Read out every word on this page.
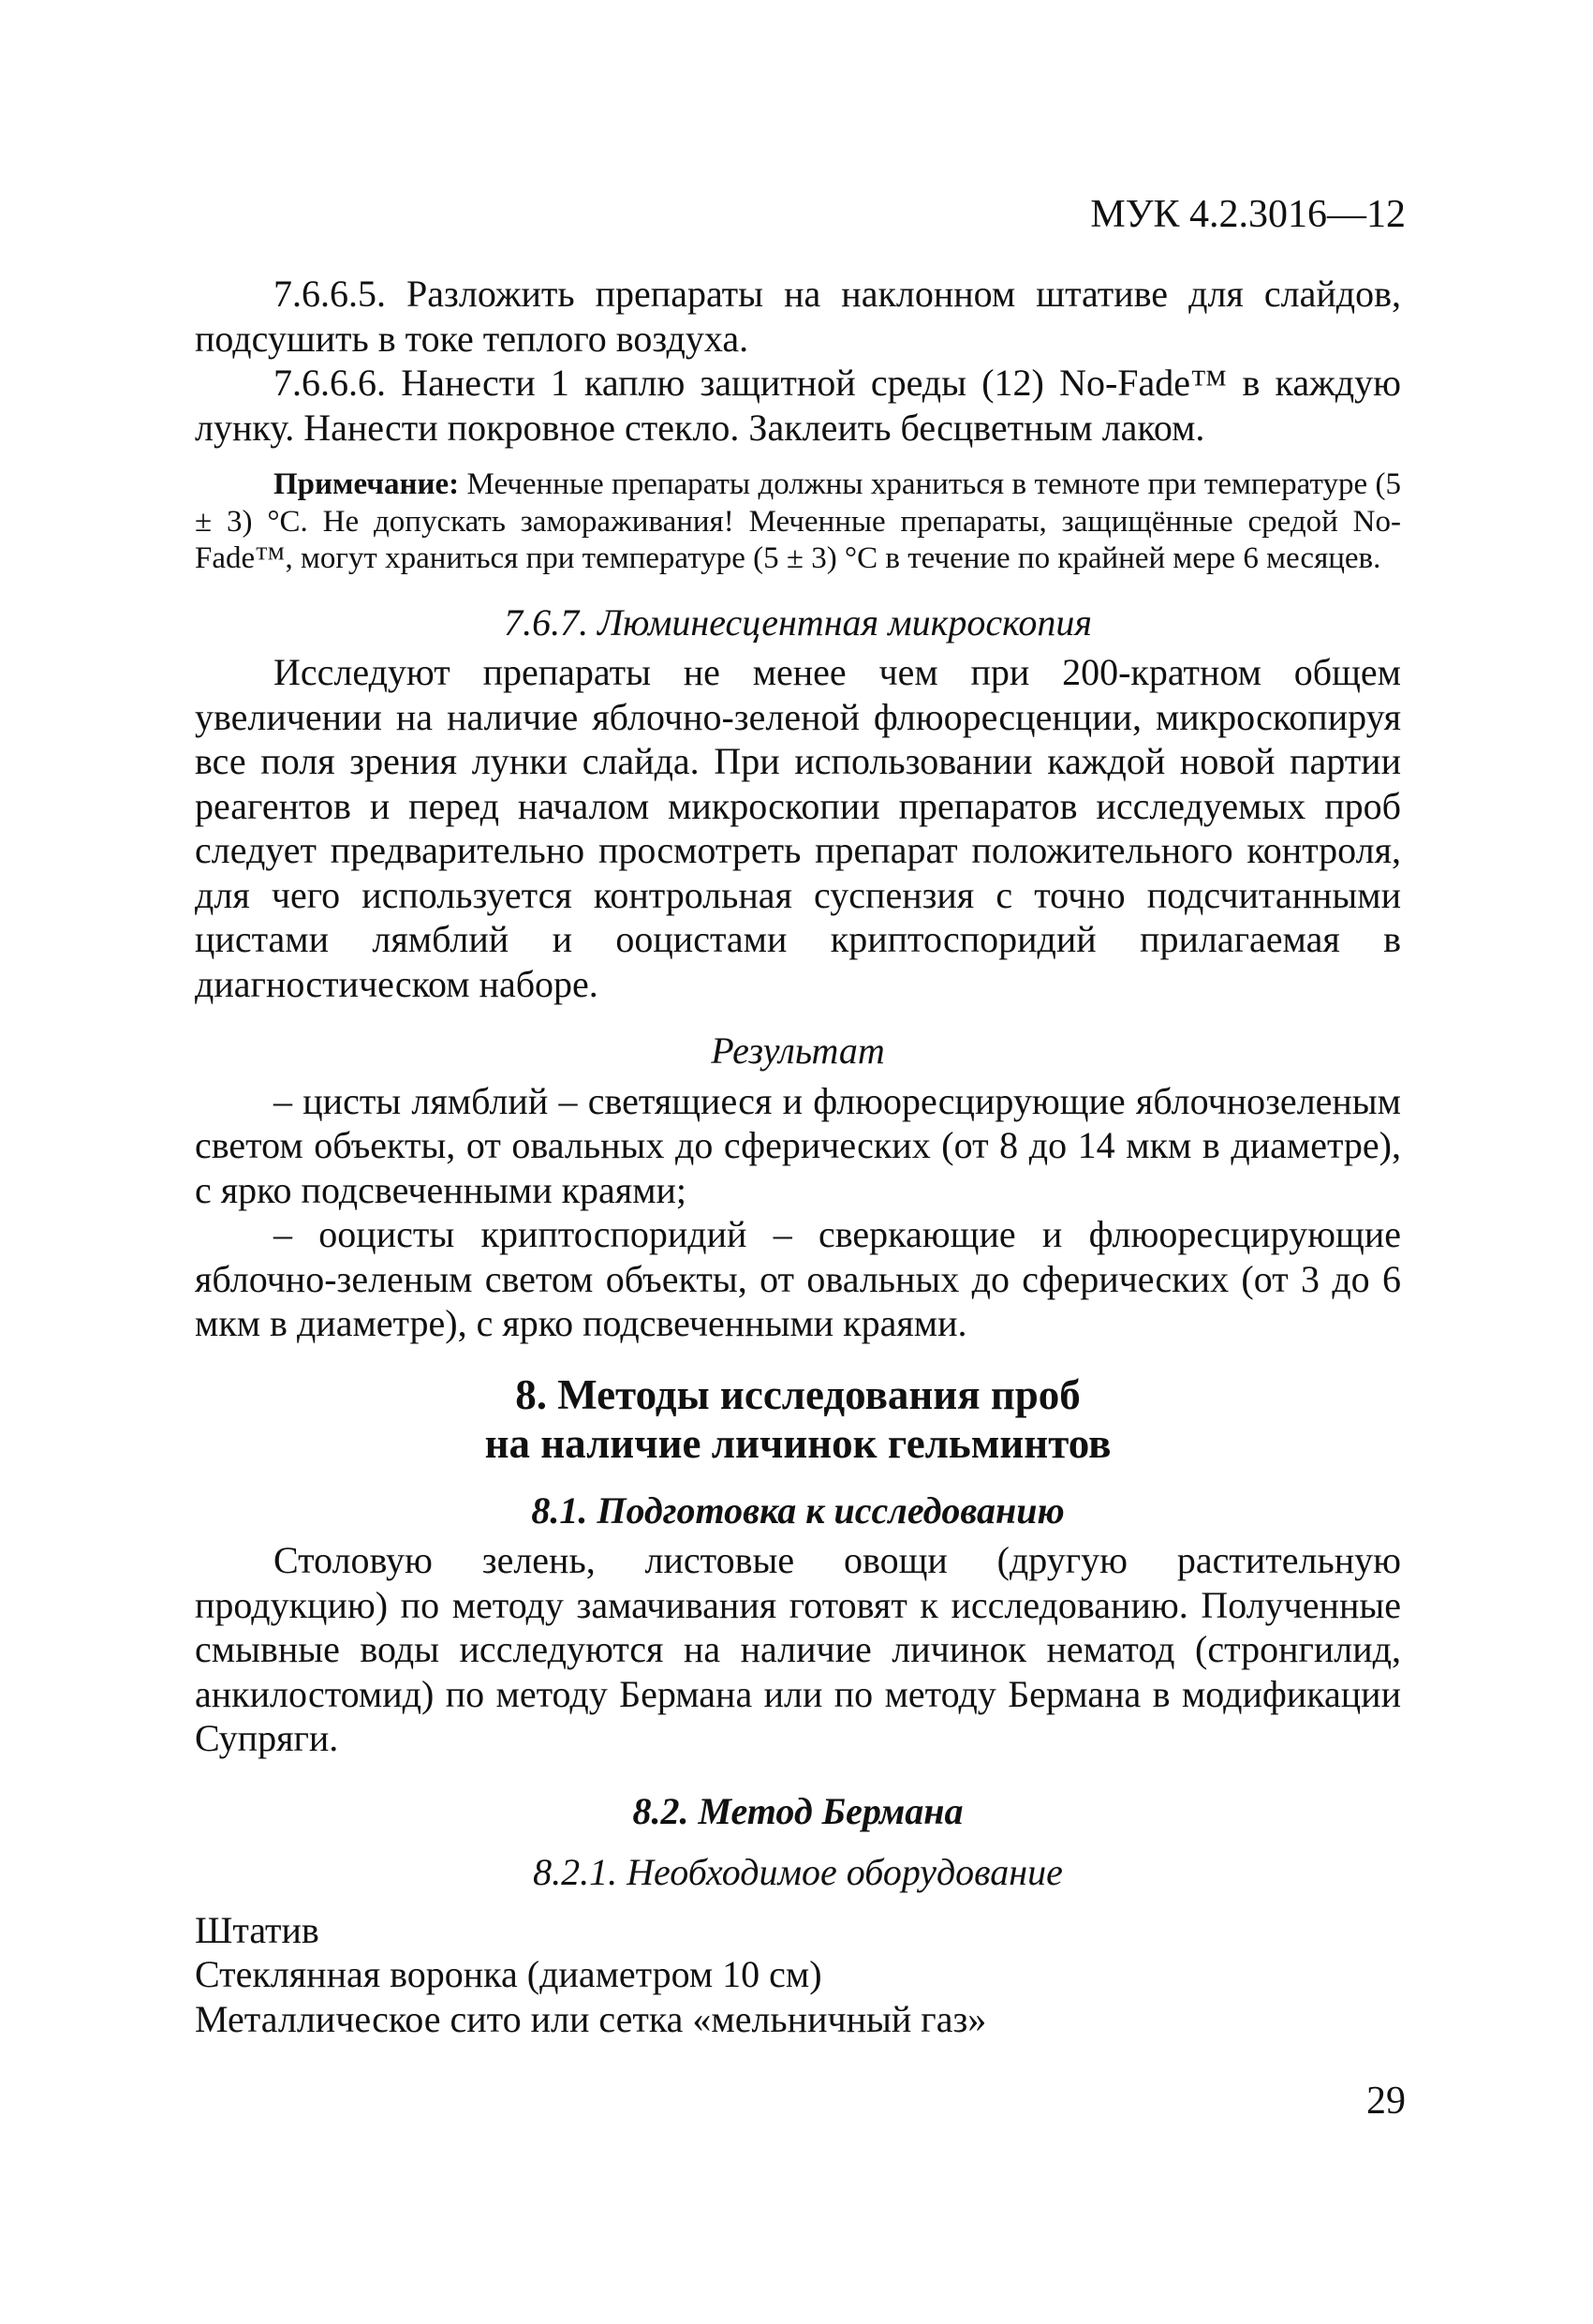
МУК 4.2.3016—12

7.6.6.5. Разложить препараты на наклонном штативе для слайдов, подсушить в токе теплого воздуха.

7.6.6.6. Нанести 1 каплю защитной среды (12) No-Fade™ в каждую лунку. Нанести покровное стекло. Заклеить бесцветным лаком.

Примечание: Меченные препараты должны храниться в темноте при температуре (5 ± 3) °С. Не допускать замораживания! Меченные препараты, защищённые средой No-Fade™, могут храниться при температуре (5 ± 3) °С в течение по крайней мере 6 месяцев.

7.6.7. Люминесцентная микроскопия

Исследуют препараты не менее чем при 200-кратном общем увеличении на наличие яблочно-зеленой флюоресценции, микроскопируя все поля зрения лунки слайда. При использовании каждой новой партии реагентов и перед началом микроскопии препаратов исследуемых проб следует предварительно просмотреть препарат положительного контроля, для чего используется контрольная суспензия с точно подсчитанными цистами лямблий и ооцистами криптоспоридий прилагаемая в диагностическом наборе.

Результат

– цисты лямблий – светящиеся и флюоресцирующие яблочнозеленым светом объекты, от овальных до сферических (от 8 до 14 мкм в диаметре), с ярко подсвеченными краями;

– ооцисты криптоспоридий – сверкающие и флюоресцирующие яблочно-зеленым светом объекты, от овальных до сферических (от 3 до 6 мкм в диаметре), с ярко подсвеченными краями.

8. Методы исследования проб
на наличие личинок гельминтов
8.1. Подготовка к исследованию

Столовую зелень, листовые овощи (другую растительную продукцию) по методу замачивания готовят к исследованию. Полученные смывные воды исследуются на наличие личинок нематод (стронгилид, анкилостомид) по методу Бермана или по методу Бермана в модификации Супряги.

8.2. Метод Бермана
8.2.1. Необходимое оборудование

Штатив

Стеклянная воронка (диаметром 10 см)

Металлическое сито или сетка «мельничный газ»

29
